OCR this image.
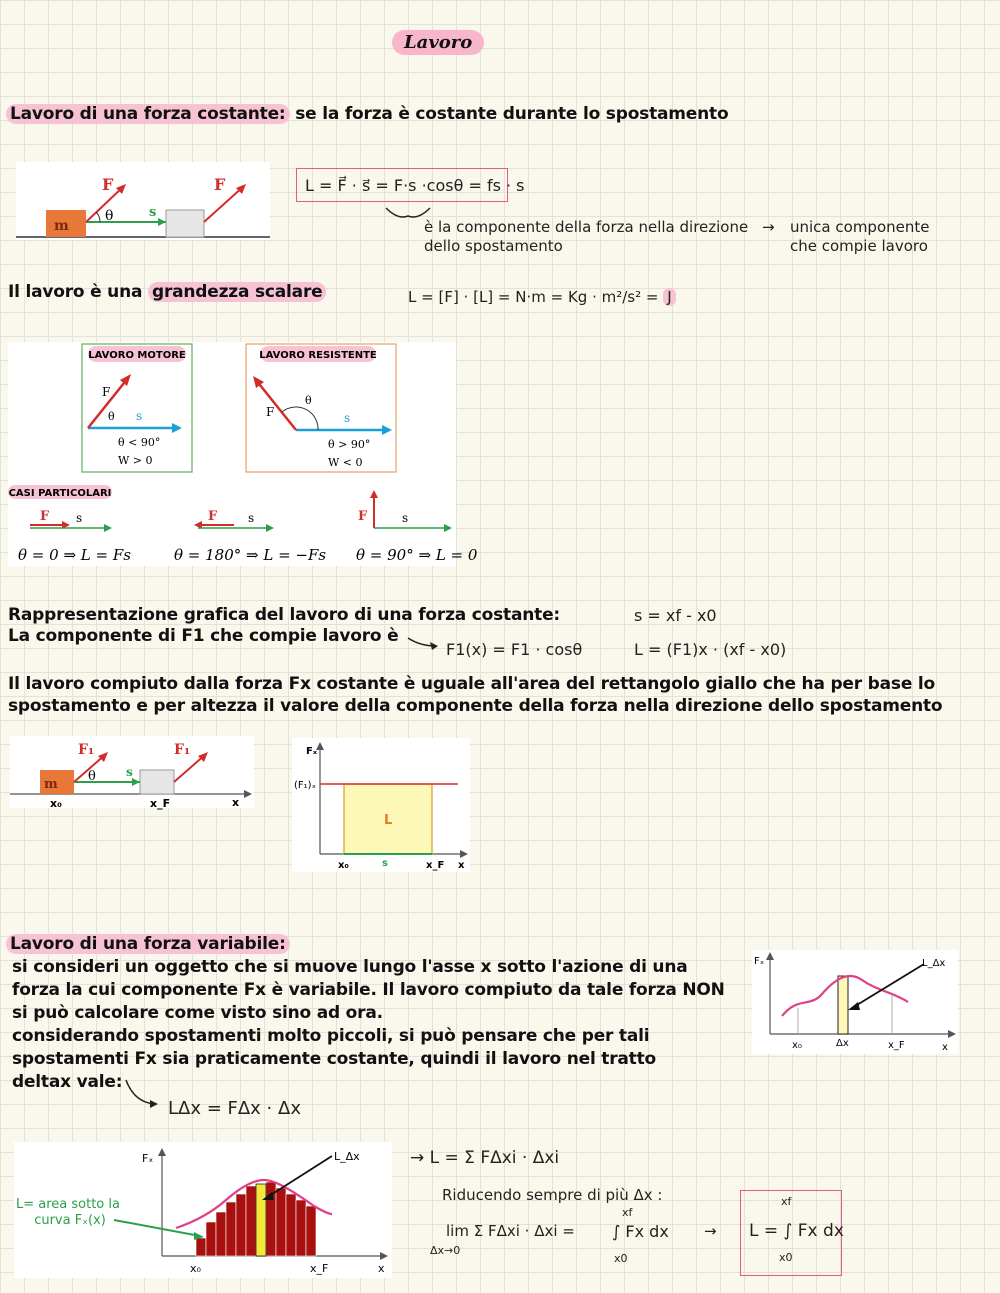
Lavoro
Lavoro di una forza costante: se la forza è costante durante lo spostamento
m
F	F
θ	s
L = F⃗ · s⃗ = F·s ·cosθ = fs · s
è la componente della forza nella direzione dello spostamento
→ unica componente che compie lavoro
Il lavoro è una grandezza scalare	L = [F] · [L] = N·m = Kg · m²/s² = J
LAVORO MOTORE
F
θ s
θ < 90°
W > 0
LAVORO RESISTENTE
F
θ
s
θ > 90°
W < 0
CASI PARTICOLARI
F s	F	s	F	s
θ = 0 ⇒ L = Fs	θ = 180° ⇒ L = −Fs θ = 90° ⇒ L = 0
Rappresentazione grafica del lavoro di una forza costante:
La componente di F1 che compie lavoro è
s = xf - x0
F1(x) = F1 · cosθ	L = (F1)x · (xf - x0)
Il lavoro compiuto dalla forza Fx costante è uguale all'area del rettangolo giallo che ha per base lo
spostamento e per altezza il valore della componente della forza nella direzione dello spostamento
m
F₁	F₁
θ	s
x₀	x_F	x
Fₓ
(F₁)ₓ
L
x₀	s	x_F x
Lavoro di una forza variabile:
si consideri un oggetto che si muove lungo l'asse x sotto l'azione di una
forza la cui componente Fx è variabile. Il lavoro compiuto da tale forza NON
si può calcolare come visto sino ad ora.
considerando spostamenti molto piccoli, si può pensare che per tali
spostamenti Fx sia praticamente costante, quindi il lavoro nel tratto
deltax vale:
LΔx = FΔx · Δx
Fₓ	L_Δx
x₀	Δx	x_F	x
Fₓ	L_Δx
x₀	x_F	x
L= area sotto la
curva Fₓ(x)
→ L = Σ FΔxi · Δxi
Riducendo sempre di più Δx :
lim Σ FΔxi · Δxi =
Δx→0
∫ Fx dx
x0
xf
→ L = ∫ Fx dx
xf
x0
